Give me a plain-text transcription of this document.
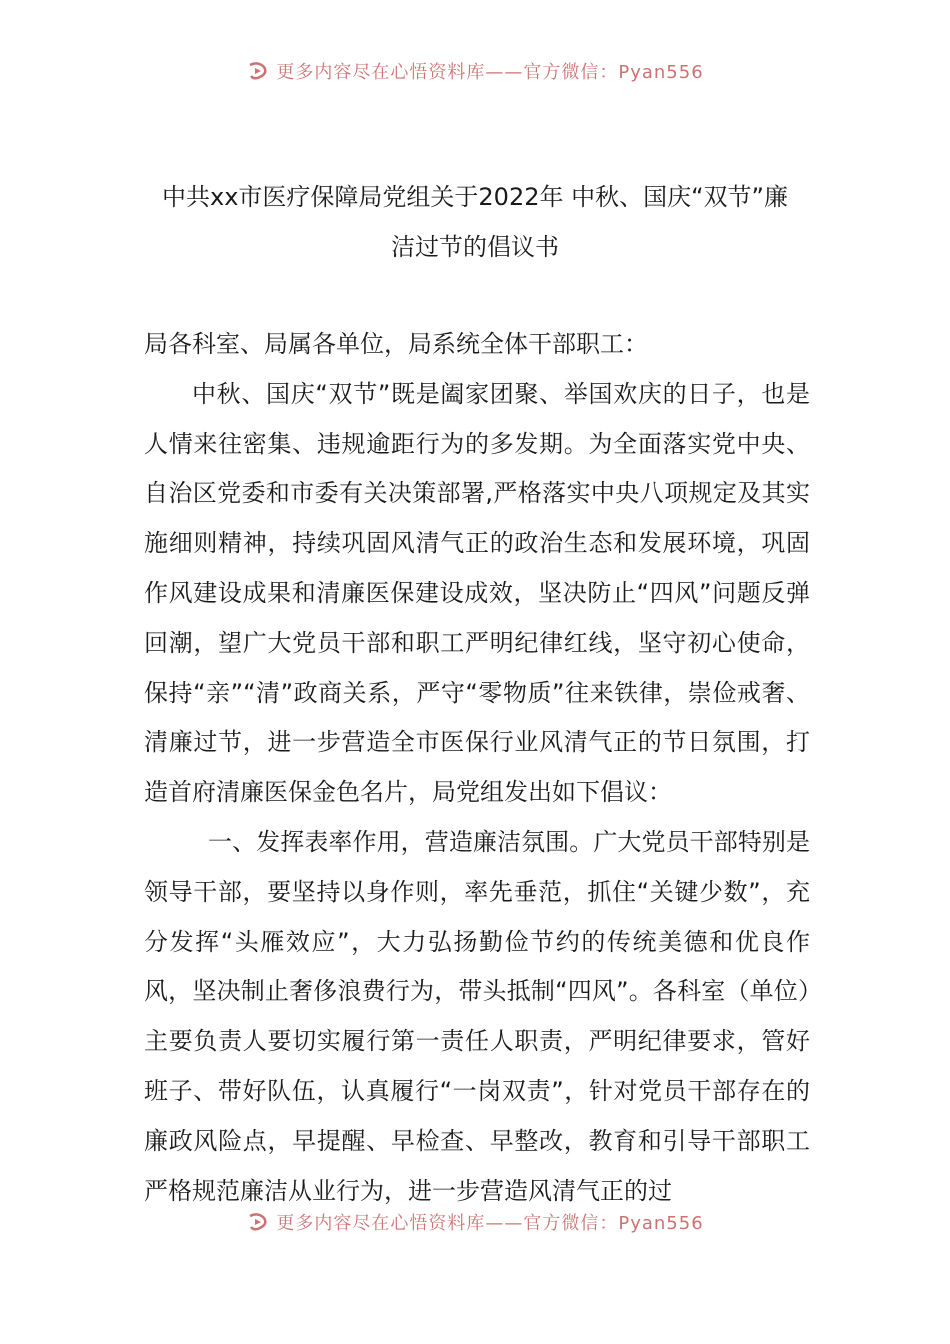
更多内容尽在心悟资料库——官方微信：Pyan556
中共xx市医疗保障局党组关于2022年 中秋、国庆“双节”廉
洁过节的倡议书

局各科室、局属各单位，局系统全体干部职工：

中秋、国庆“双节”既是阖家团聚、举国欢庆的日子，也是人情来往密集、违规逾距行为的多发期。为全面落实党中央、自治区党委和市委有关决策部署,严格落实中央八项规定及其实施细则精神，持续巩固风清气正的政治生态和发展环境，巩固作风建设成果和清廉医保建设成效，坚决防止“四风”问题反弹回潮，望广大党员干部和职工严明纪律红线，坚守初心使命，保持“亲”“清”政商关系，严守“零物质”往来铁律，崇俭戒奢、清廉过节，进一步营造全市医保行业风清气正的节日氛围，打造首府清廉医保金色名片，局党组发出如下倡议：

一、发挥表率作用，营造廉洁氛围。广大党员干部特别是领导干部，要坚持以身作则，率先垂范，抓住“关键少数”，充分发挥“头雁效应”，大力弘扬勤俭节约的传统美德和优良作风，坚决制止奢侈浪费行为，带头抵制“四风”。各科室（单位）主要负责人要切实履行第一责任人职责，严明纪律要求，管好班子、带好队伍，认真履行“一岗双责”，针对党员干部存在的廉政风险点，早提醒、早检查、早整改，教育和引导干部职工严格规范廉洁从业行为，进一步营造风清气正的过

更多内容尽在心悟资料库——官方微信：Pyan556
